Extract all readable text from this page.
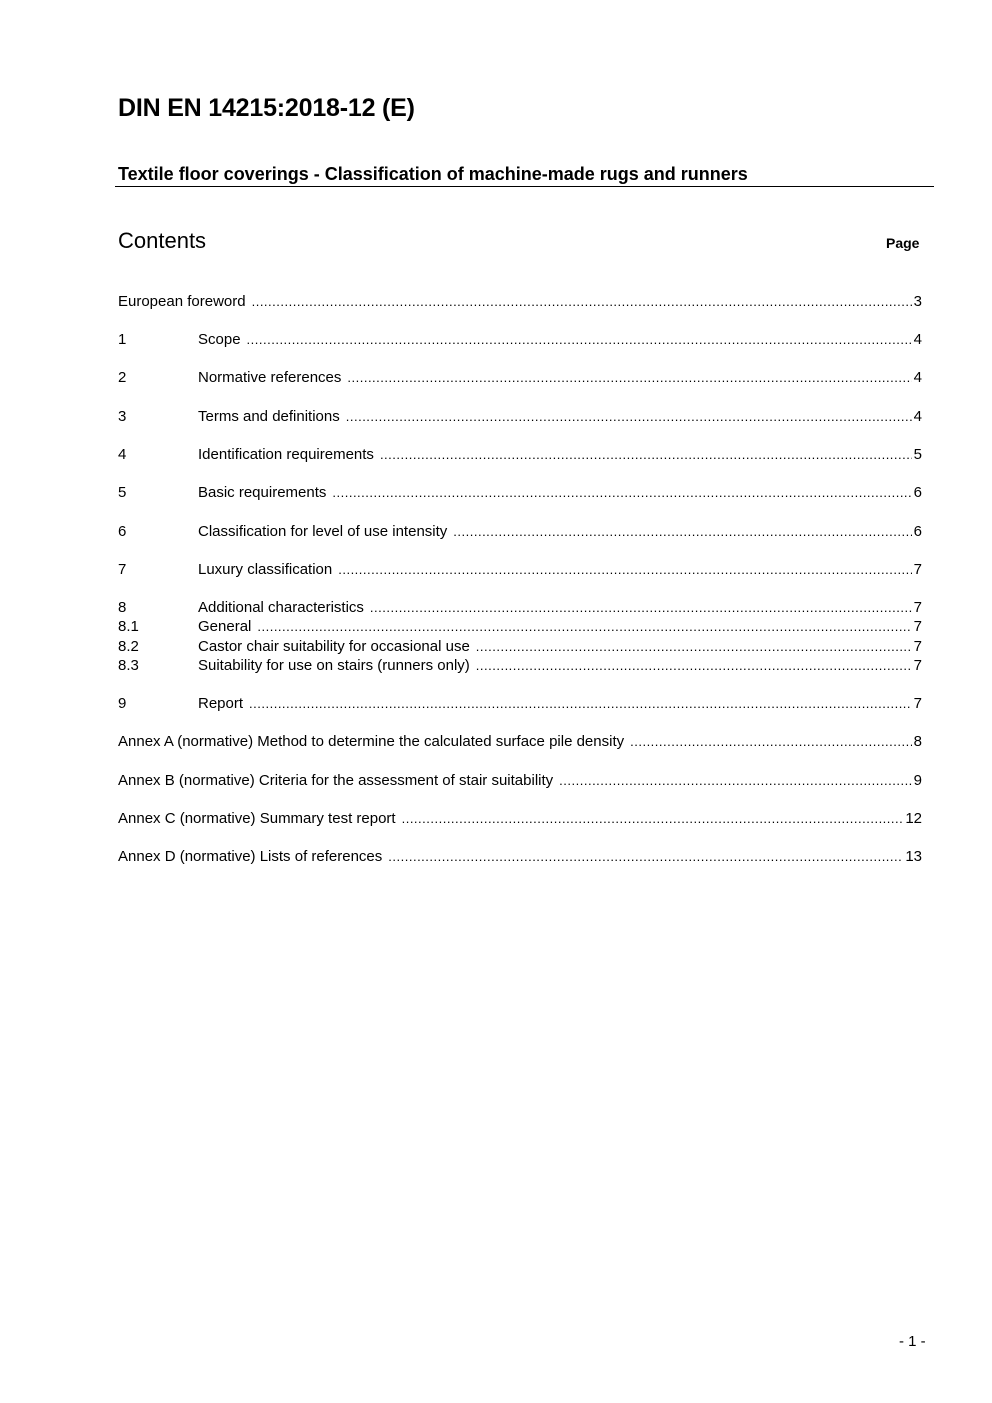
DIN EN 14215:2018-12 (E)
Textile floor coverings - Classification of machine-made rugs and runners
Contents	Page
European foreword .....	3
1	Scope .....	4
2	Normative references .....	4
3	Terms and definitions .....	4
4	Identification requirements .....	5
5	Basic requirements .....	6
6	Classification for level of use intensity .....	6
7	Luxury classification .....	7
8	Additional characteristics .....	7
8.1	General .....	7
8.2	Castor chair suitability for occasional use .....	7
8.3	Suitability for use on stairs (runners only) .....	7
9	Report .....	7
Annex A (normative) Method to determine the calculated surface pile density .....	8
Annex B (normative) Criteria for the assessment of stair suitability .....	9
Annex C (normative) Summary test report .....	12
Annex D (normative) Lists of references .....	13
- 1 -
